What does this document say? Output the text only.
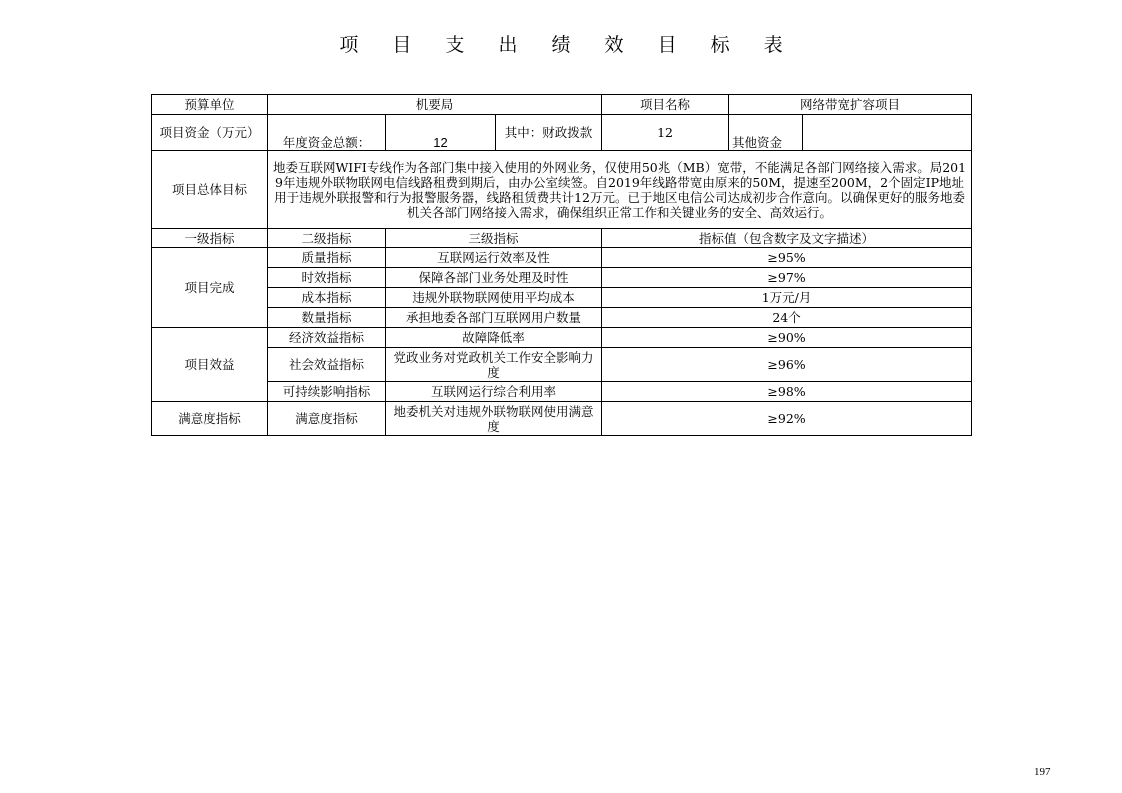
项 目 支 出 绩 效 目 标 表
预算单位	机要局			项目名称	网络带宽扩容项目	
项目资金（万元）	年度资金总额：	12	其中：财政拨款	12	其他资金	
项目总体目标	地委互联网WIFI专线作为各部门集中接入使用的外网业务，仅使用50兆（MB）宽带，不能满足各部门网络接入需求。局2019年违规外联物联网电信线路租费到期后，由办公室续签。自2019年线路带宽由原来的50M，提速至200M，2个固定IP地址用于违规外联报警和行为报警服务器，线路租赁费共计12万元。已于地区电信公司达成初步合作意向。以确保更好的服务地委机关各部门网络接入需求，确保组织正常工作和关键业务的安全、高效运行。					
一级指标	二级指标	三级指标		指标值（包含数字及文字描述）		
项目完成	质量指标	互联网运行效率及性		≥95%		
	时效指标	保障各部门业务处理及时性		≥97%		
	成本指标	违规外联物联网使用平均成本		1万元/月		
	数量指标	承担地委各部门互联网用户数量		24个		
项目效益	经济效益指标	故障降低率		≥90%		
	社会效益指标	党政业务对党政机关工作安全影响力度		≥96%		
	可持续影响指标	互联网运行综合利用率		≥98%		
满意度指标	满意度指标	地委机关对违规外联物联网使用满意度		≥92%		
197
